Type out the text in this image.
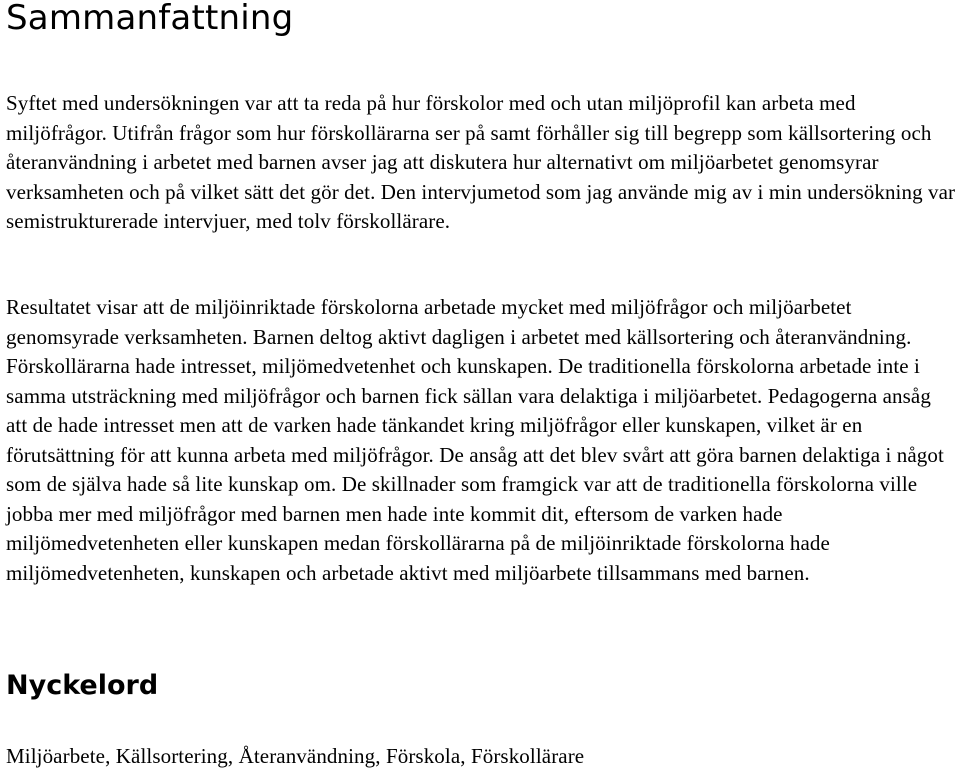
Sammanfattning

Syftet med undersökningen var att ta reda på hur förskolor med och utan miljöprofil kan arbeta med miljöfrågor. Utifrån frågor som hur förskollärarna ser på samt förhåller sig till begrepp som källsortering och återanvändning i arbetet med barnen avser jag att diskutera hur alternativt om miljöarbetet genomsyrar verksamheten och på vilket sätt det gör det. Den intervjumetod som jag använde mig av i min undersökning var semistrukturerade intervjuer, med tolv förskollärare.

Resultatet visar att de miljöinriktade förskolorna arbetade mycket med miljöfrågor och miljöarbetet genomsyrade verksamheten. Barnen deltog aktivt dagligen i arbetet med källsortering och återanvändning. Förskollärarna hade intresset, miljömedvetenhet och kunskapen. De traditionella förskolorna arbetade inte i samma utsträckning med miljöfrågor och barnen fick sällan vara delaktiga i miljöarbetet. Pedagogerna ansåg att de hade intresset men att de varken hade tänkandet kring miljöfrågor eller kunskapen, vilket är en förutsättning för att kunna arbeta med miljöfrågor. De ansåg att det blev svårt att göra barnen delaktiga i något som de själva hade så lite kunskap om. De skillnader som framgick var att de traditionella förskolorna ville jobba mer med miljöfrågor med barnen men hade inte kommit dit, eftersom de varken hade miljömedvetenheten eller kunskapen medan förskollärarna på de miljöinriktade förskolorna hade miljömedvetenheten, kunskapen och arbetade aktivt med miljöarbete tillsammans med barnen.

Nyckelord

Miljöarbete, Källsortering, Återanvändning, Förskola, Förskollärare
